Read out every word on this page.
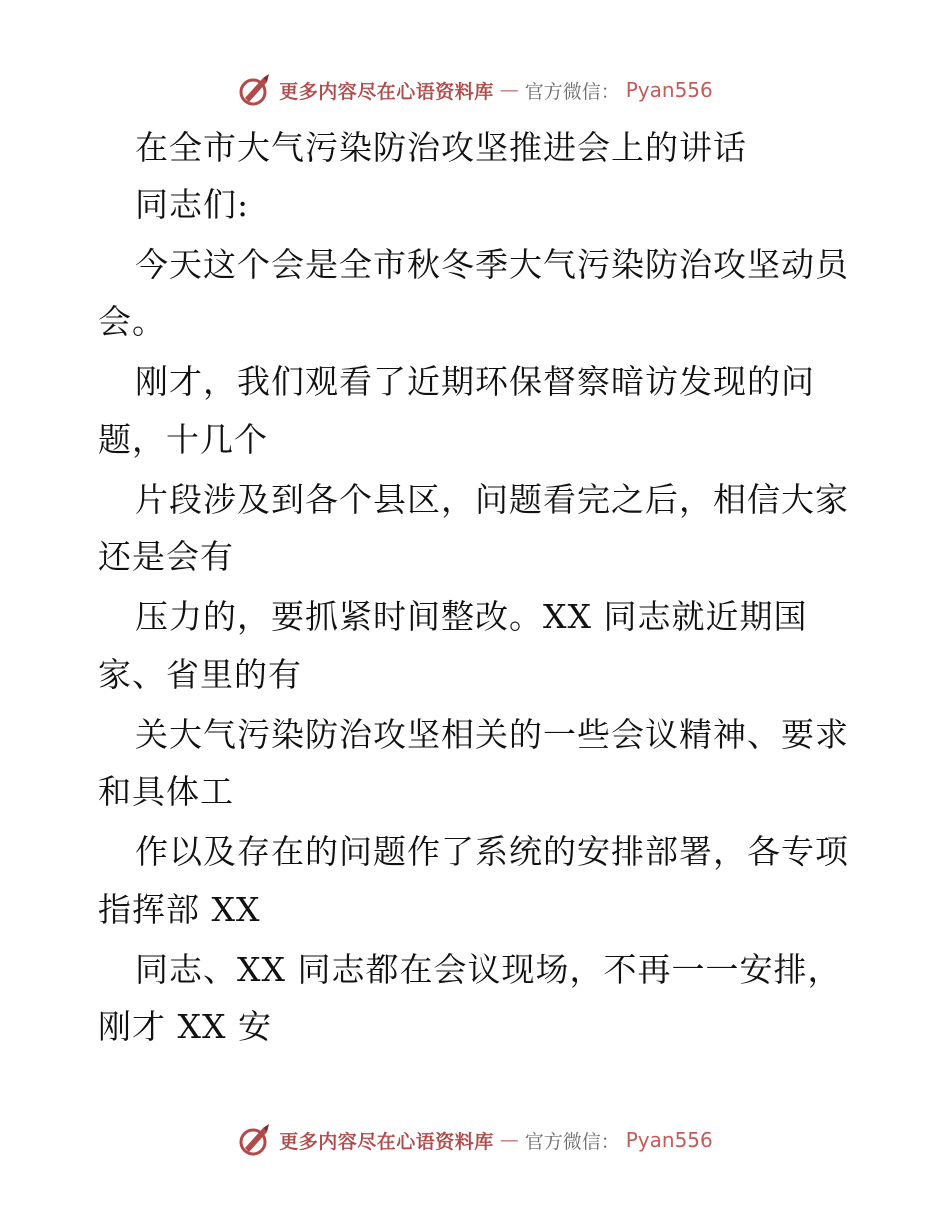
更多内容尽在心语资料库 — 官方微信： Pyan556
在全市大气污染防治攻坚推进会上的讲话
同志们:
今天这个会是全市秋冬季大气污染防治攻坚动员
会。
刚才，我们观看了近期环保督察暗访发现的问
题，十几个
片段涉及到各个县区，问题看完之后，相信大家
还是会有
压力的，要抓紧时间整改。XX 同志就近期国
家、省里的有
关大气污染防治攻坚相关的一些会议精神、要求
和具体工
作以及存在的问题作了系统的安排部署，各专项
指挥部 XX
同志、XX 同志都在会议现场，不再一一安排，
刚才 XX 安
更多内容尽在心语资料库 — 官方微信： Pyan556
